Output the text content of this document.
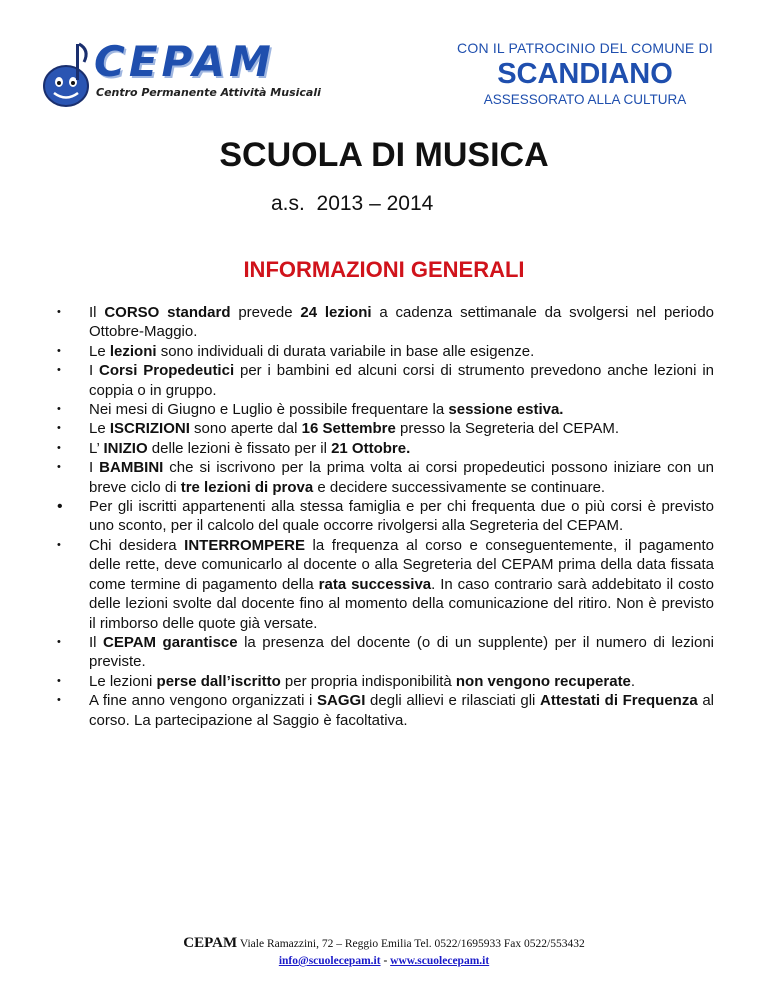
CEPAM
Centro Permanente Attività Musicali
CON IL PATROCINIO DEL COMUNE DI
SCANDIANO
ASSESSORATO ALLA CULTURA
SCUOLA DI MUSICA
a.s.  2013 – 2014
INFORMAZIONI GENERALI
• Il CORSO standard prevede 24 lezioni a cadenza settimanale da svolgersi nel periodo Ottobre-Maggio.
• Le lezioni sono individuali di durata variabile in base alle esigenze.
• I Corsi Propedeutici per i bambini ed alcuni corsi di strumento prevedono anche lezioni in coppia o in gruppo.
• Nei mesi di Giugno e Luglio è possibile frequentare la sessione estiva.
• Le ISCRIZIONI sono aperte dal 16 Settembre presso la Segreteria del CEPAM.
• L’ INIZIO delle lezioni è fissato per il 21 Ottobre.
• I BAMBINI che si iscrivono per la prima volta ai corsi propedeutici possono iniziare con un breve ciclo di tre lezioni di prova e decidere successivamente se continuare.
• Per gli iscritti appartenenti alla stessa famiglia e per chi frequenta due o più corsi è previsto uno sconto, per il calcolo del quale occorre rivolgersi alla Segreteria del CEPAM.
• Chi desidera INTERROMPERE la frequenza al corso e conseguentemente, il pagamento delle rette, deve comunicarlo al docente o alla Segreteria del CEPAM prima della data fissata come termine di pagamento della rata successiva. In caso contrario sarà addebitato il costo delle lezioni svolte dal docente fino al momento della comunicazione del ritiro. Non è previsto il rimborso delle quote già versate.
• Il CEPAM garantisce la presenza del docente (o di un supplente) per il numero di lezioni previste.
• Le lezioni perse dall’iscritto per propria indisponibilità non vengono recuperate.
• A fine anno vengono organizzati i SAGGI degli allievi e rilasciati gli Attestati di Frequenza al corso. La partecipazione al Saggio è facoltativa.
CEPAM Viale Ramazzini, 72 – Reggio Emilia Tel. 0522/1695933 Fax 0522/553432
info@scuolecepam.it - www.scuolecepam.it
